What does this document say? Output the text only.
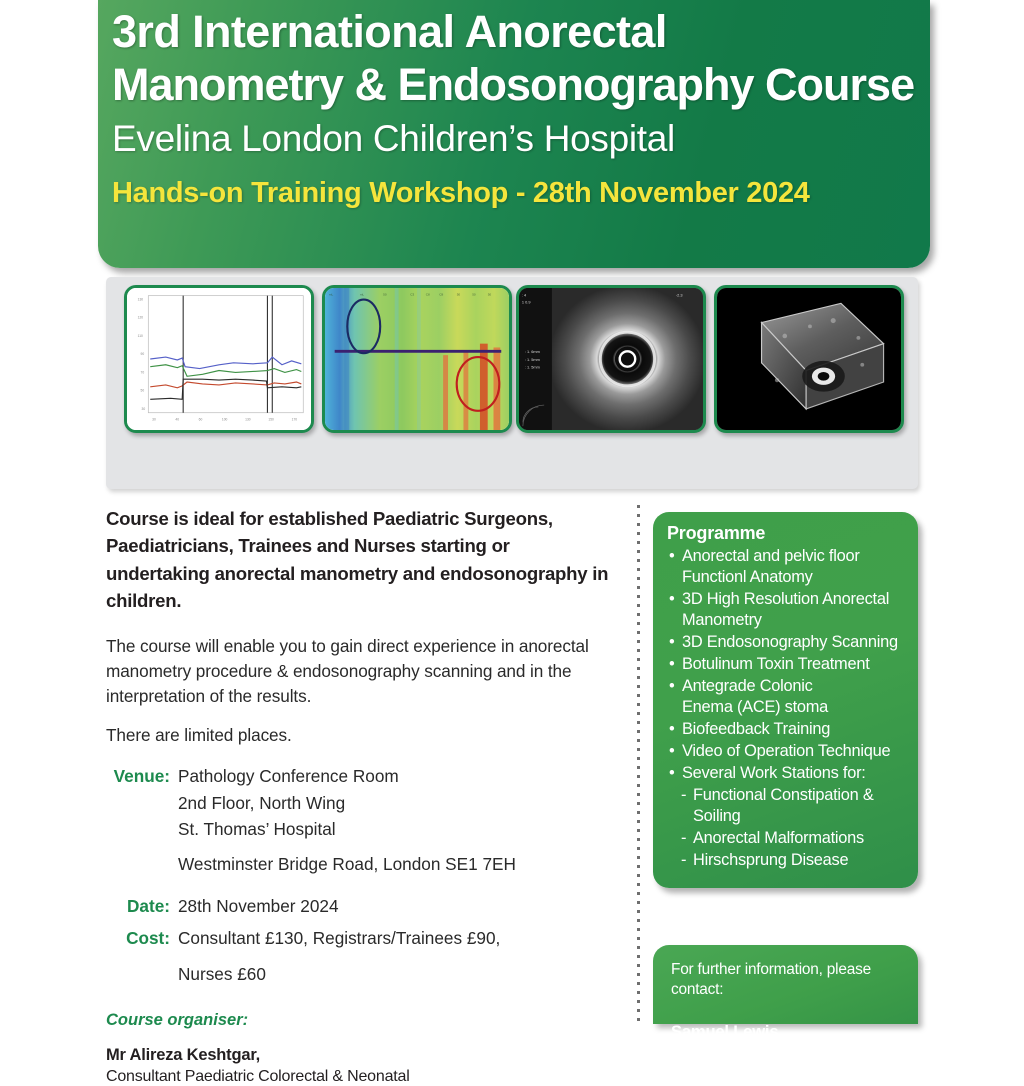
3rd International Anorectal
Manometry & Endosonography Course
Evelina London Children’s Hospital
Hands-on Training Workshop - 28th November 2024
130
120
110
90
70
50
30
30	40	60	100	130	150	170
Anorectal Manometry
Conventional
mL	mL	50	C3	C8	C8	50	50	50
Anorectal Manometry
3D High Resolution
: 4
1 0.9
-2.3
: 1. 6mm
: 1. 5mm
: 1. 5mm
2D Endosonography	3D Endosonography

Course is ideal for established Paediatric Surgeons, Paediatricians, Trainees and Nurses starting or undertaking anorectal manometry and endosonography in children.

The course will enable you to gain direct experience in anorectal manometry procedure & endosonography scanning and in the interpretation of the results.

There are limited places.

Venue: Pathology Conference Room
2nd Floor, North Wing
St. Thomas’ Hospital
Westminster Bridge Road, London SE1 7EH
Date: 28th November 2024
Cost: Consultant £130, Registrars/Trainees £90,
Nurses £60
Course organiser:
Mr Alireza Keshtgar,
Consultant Paediatric Colorectal & Neonatal
Programme
• Anorectal and pelvic floor
Functionl Anatomy
• 3D High Resolution Anorectal
Manometry
• 3D Endosonography Scanning
• Botulinum Toxin Treatment
• Antegrade Colonic
Enema (ACE) stoma
• Biofeedback Training
• Video of Operation Technique
• Several Work Stations for:
- Functional Constipation &
Soiling
- Anorectal Malformations
- Hirschsprung Disease
For further information, please contact:
Samuel Lewis
